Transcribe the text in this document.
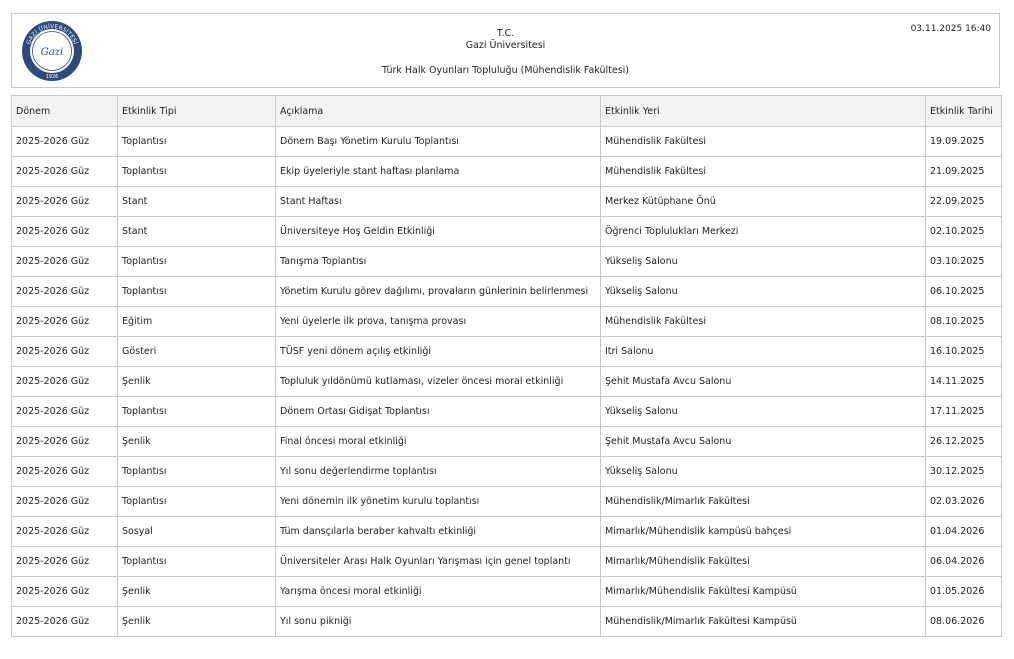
GAZİ ÜNİVERSİTESİ
Gazi
1926
T.C.
Gazi Üniversitesi
Türk Halk Oyunları Topluluğu (Mühendislik Fakültesi)
03.11.2025 16:40
Dönem	Etkinlik Tipi	Açıklama	Etkinlik Yeri	Etkinlik Tarihi
2025-2026 Güz	Toplantısı	Dönem Başı Yönetim Kurulu Toplantısı	Mühendislik Fakültesi	19.09.2025
2025-2026 Güz	Toplantısı	Ekip üyeleriyle stant haftası planlama	Mühendislik Fakültesi	21.09.2025
2025-2026 Güz	Stant	Stant Haftası	Merkez Kütüphane Önü	22.09.2025
2025-2026 Güz	Stant	Üniversiteye Hoş Geldin Etkinliği	Öğrenci Toplulukları Merkezi	02.10.2025
2025-2026 Güz	Toplantısı	Tanışma Toplantısı	Yükseliş Salonu	03.10.2025
2025-2026 Güz	Toplantısı	Yönetim Kurulu görev dağılımı, provaların günlerinin belirlenmesi	Yükseliş Salonu	06.10.2025
2025-2026 Güz	Eğitim	Yeni üyelerle ilk prova, tanışma provası	Mühendislik Fakültesi	08.10.2025
2025-2026 Güz	Gösteri	TÜSF yeni dönem açılış etkinliği	Itri Salonu	16.10.2025
2025-2026 Güz	Şenlik	Topluluk yıldönümü kutlaması, vizeler öncesi moral etkinliği	Şehit Mustafa Avcu Salonu	14.11.2025
2025-2026 Güz	Toplantısı	Dönem Ortası Gidişat Toplantısı	Yükseliş Salonu	17.11.2025
2025-2026 Güz	Şenlik	Final öncesi moral etkinliği	Şehit Mustafa Avcu Salonu	26.12.2025
2025-2026 Güz	Toplantısı	Yıl sonu değerlendirme toplantısı	Yükseliş Salonu	30.12.2025
2025-2026 Güz	Toplantısı	Yeni dönemin ilk yönetim kurulu toplantısı	Mühendislik/Mimarlık Fakültesi	02.03.2026
2025-2026 Güz	Sosyal	Tüm dansçılarla beraber kahvaltı etkinliği	Mimarlık/Mühendislik kampüsü bahçesi	01.04.2026
2025-2026 Güz	Toplantısı	Üniversiteler Arası Halk Oyunları Yarışması için genel toplantı	Mimarlık/Mühendislik Fakültesi	06.04.2026
2025-2026 Güz	Şenlik	Yarışma öncesi moral etkinliği	Mimarlık/Mühendislik Fakültesi Kampüsü	01.05.2026
2025-2026 Güz	Şenlik	Yıl sonu pikniği	Mühendislik/Mimarlık Fakültesi Kampüsü	08.06.2026
